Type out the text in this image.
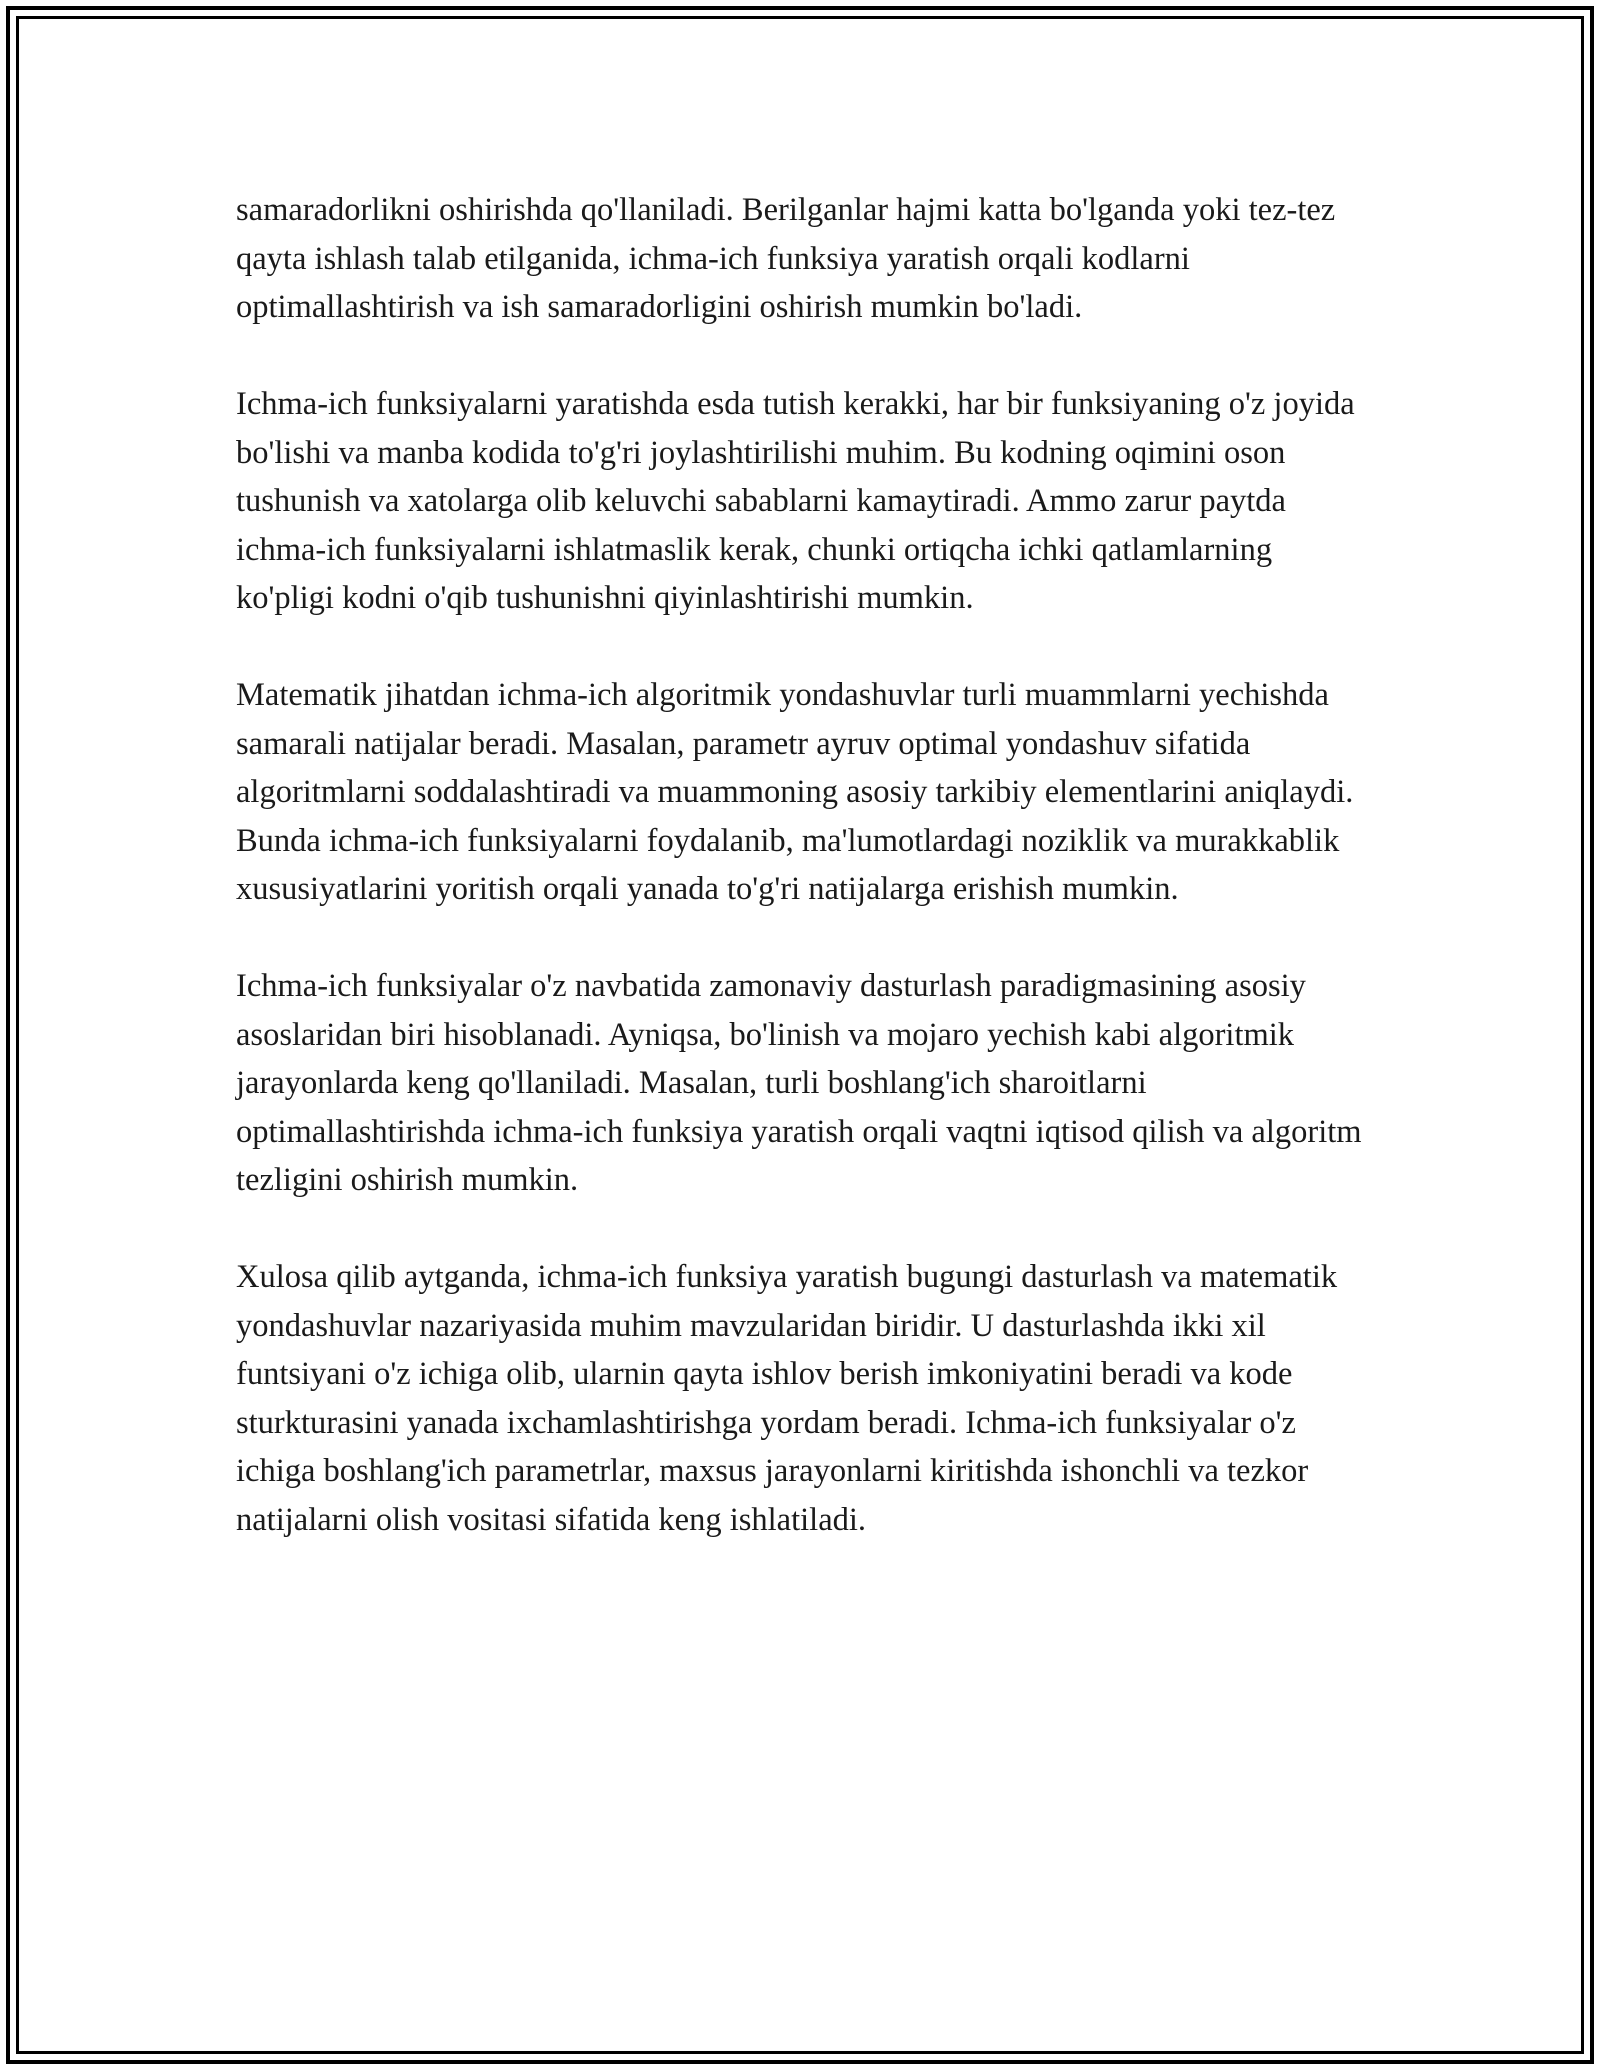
samaradorlikni oshirishda qo'llaniladi. Berilganlar hajmi katta bo'lganda yoki tez-tez qayta ishlash talab etilganida, ichma-ich funksiya yaratish orqali kodlarni optimallashtirish va ish samaradorligini oshirish mumkin bo'ladi.

Ichma-ich funksiyalarni yaratishda esda tutish kerakki, har bir funksiyaning o'z joyida bo'lishi va manba kodida to'g'ri joylashtirilishi muhim. Bu kodning oqimini oson tushunish va xatolarga olib keluvchi sabablarni kamaytiradi. Ammo zarur paytda ichma-ich funksiyalarni ishlatmaslik kerak, chunki ortiqcha ichki qatlamlarning ko'pligi kodni o'qib tushunishni qiyinlashtirishi mumkin.

Matematik jihatdan ichma-ich algoritmik yondashuvlar turli muammlarni yechishda samarali natijalar beradi. Masalan, parametr ayruv optimal yondashuv sifatida algoritmlarni soddalashtiradi va muammoning asosiy tarkibiy elementlarini aniqlaydi. Bunda ichma-ich funksiyalarni foydalanib, ma'lumotlardagi noziklik va murakkablik xususiyatlarini yoritish orqali yanada to'g'ri natijalarga erishish mumkin.

Ichma-ich funksiyalar o'z navbatida zamonaviy dasturlash paradigmasining asosiy asoslaridan biri hisoblanadi. Ayniqsa, bo'linish va mojaro yechish kabi algoritmik jarayonlarda keng qo'llaniladi. Masalan, turli boshlang'ich sharoitlarni optimallashtirishda ichma-ich funksiya yaratish orqali vaqtni iqtisod qilish va algoritm tezligini oshirish mumkin.

Xulosa qilib aytganda, ichma-ich funksiya yaratish bugungi dasturlash va matematik yondashuvlar nazariyasida muhim mavzularidan biridir. U dasturlashda ikki xil funtsiyani o'z ichiga olib, ularnin qayta ishlov berish imkoniyatini beradi va kode sturkturasini yanada ixchamlashtirishga yordam beradi. Ichma-ich funksiyalar o'z ichiga boshlang'ich parametrlar, maxsus jarayonlarni kiritishda ishonchli va tezkor natijalarni olish vositasi sifatida keng ishlatiladi.
